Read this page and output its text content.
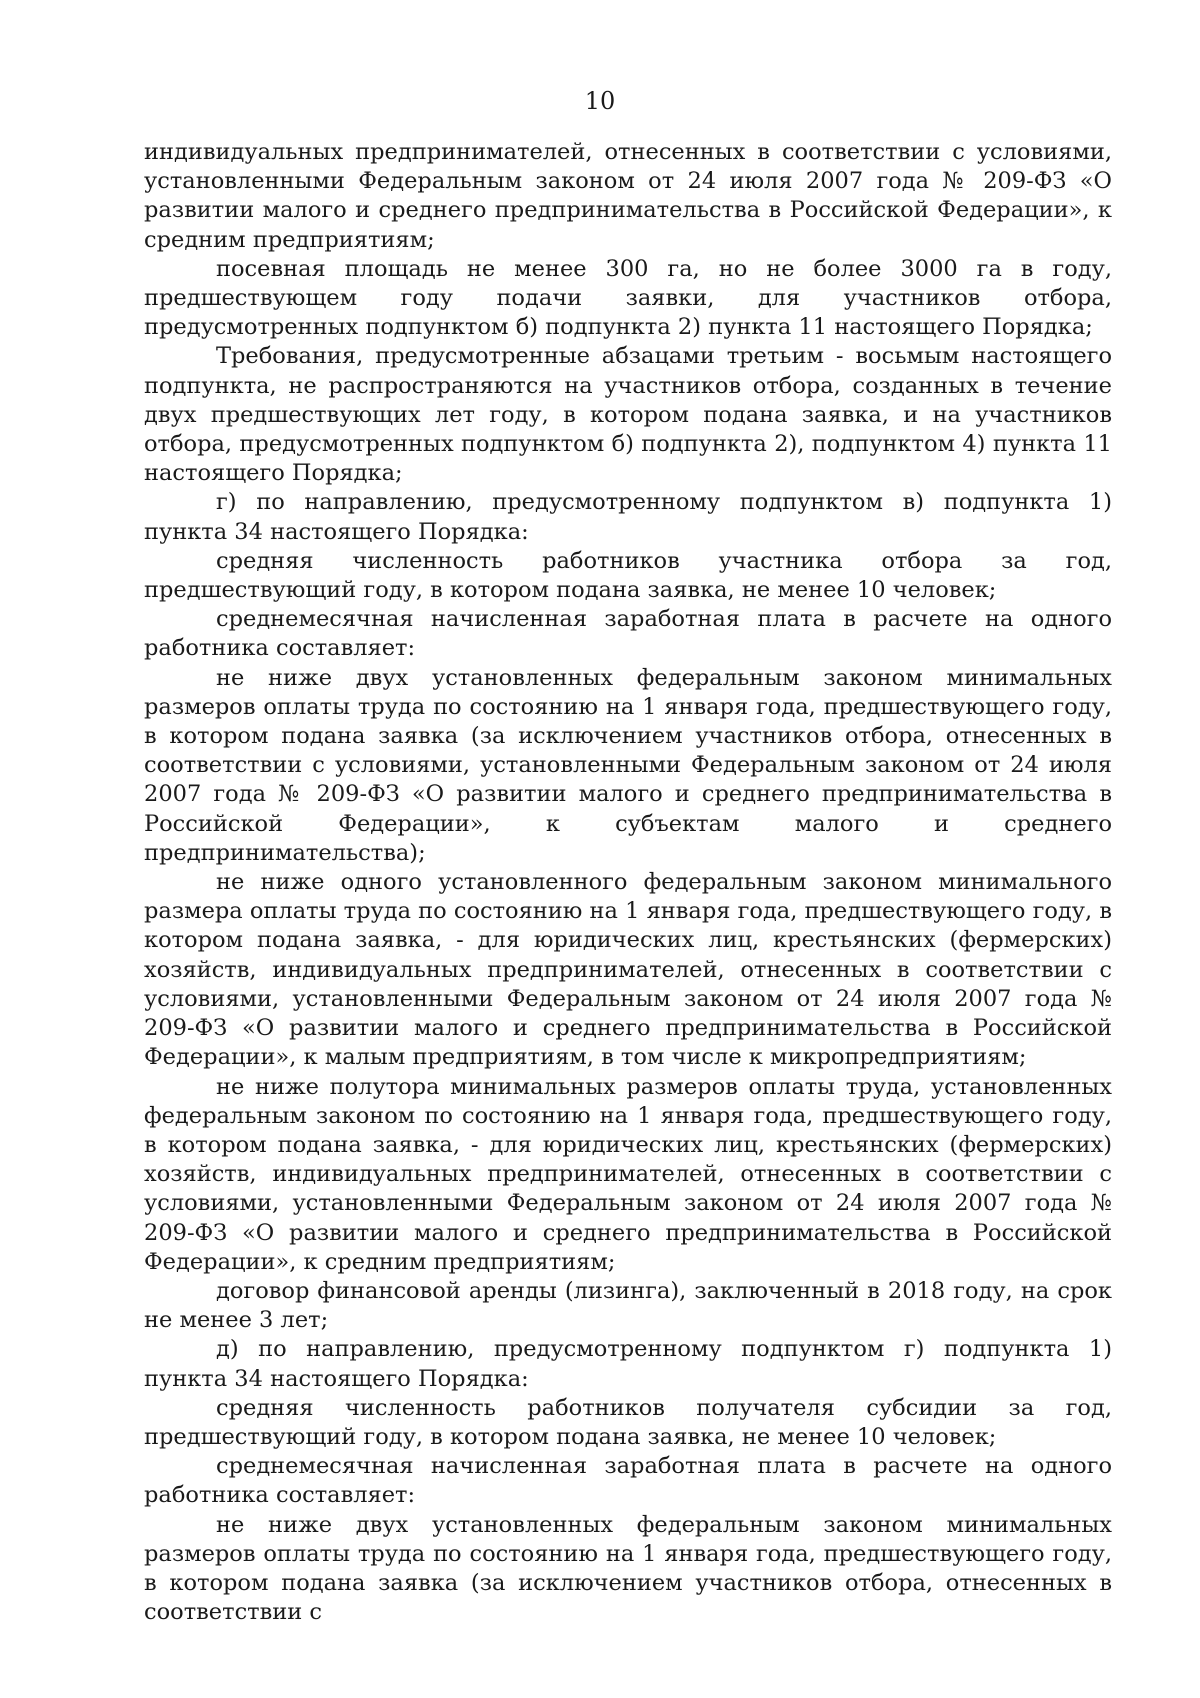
10

индивидуальных предпринимателей, отнесенных в соответствии с условиями, установленными Федеральным законом от 24 июля 2007 года № 209-ФЗ «О развитии малого и среднего предпринимательства в Российской Федерации», к средним предприятиям;

посевная площадь не менее 300 га, но не более 3000 га в году, предшествующем году подачи заявки, для участников отбора, предусмотренных подпунктом б) подпункта 2) пункта 11 настоящего Порядка;

Требования, предусмотренные абзацами третьим - восьмым настоящего подпункта, не распространяются на участников отбора, созданных в течение двух предшествующих лет году, в котором подана заявка, и на участников отбора, предусмотренных подпунктом б) подпункта 2), подпунктом 4) пункта 11 настоящего Порядка;

г) по направлению, предусмотренному подпунктом в) подпункта 1) пункта 34 настоящего Порядка:

средняя численность работников участника отбора за год, предшествующий году, в котором подана заявка, не менее 10 человек;

среднемесячная начисленная заработная плата в расчете на одного работника составляет:

не ниже двух установленных федеральным законом минимальных размеров оплаты труда по состоянию на 1 января года, предшествующего году, в котором подана заявка (за исключением участников отбора, отнесенных в соответствии с условиями, установленными Федеральным законом от 24 июля 2007 года № 209-ФЗ «О развитии малого и среднего предпринимательства в Российской Федерации», к субъектам малого и среднего предпринимательства);

не ниже одного установленного федеральным законом минимального размера оплаты труда по состоянию на 1 января года, предшествующего году, в котором подана заявка, - для юридических лиц, крестьянских (фермерских) хозяйств, индивидуальных предпринимателей, отнесенных в соответствии с условиями, установленными Федеральным законом от 24 июля 2007 года № 209-ФЗ «О развитии малого и среднего предпринимательства в Российской Федерации», к малым предприятиям, в том числе к микропредприятиям;

не ниже полутора минимальных размеров оплаты труда, установленных федеральным законом по состоянию на 1 января года, предшествующего году, в котором подана заявка, - для юридических лиц, крестьянских (фермерских) хозяйств, индивидуальных предпринимателей, отнесенных в соответствии с условиями, установленными Федеральным законом от 24 июля 2007 года № 209-ФЗ «О развитии малого и среднего предпринимательства в Российской Федерации», к средним предприятиям;

договор финансовой аренды (лизинга), заключенный в 2018 году, на срок не менее 3 лет;

д) по направлению, предусмотренному подпунктом г) подпункта 1) пункта 34 настоящего Порядка:

средняя численность работников получателя субсидии за год, предшествующий году, в котором подана заявка, не менее 10 человек;

среднемесячная начисленная заработная плата в расчете на одного работника составляет:

не ниже двух установленных федеральным законом минимальных размеров оплаты труда по состоянию на 1 января года, предшествующего году, в котором подана заявка (за исключением участников отбора, отнесенных в соответствии с
